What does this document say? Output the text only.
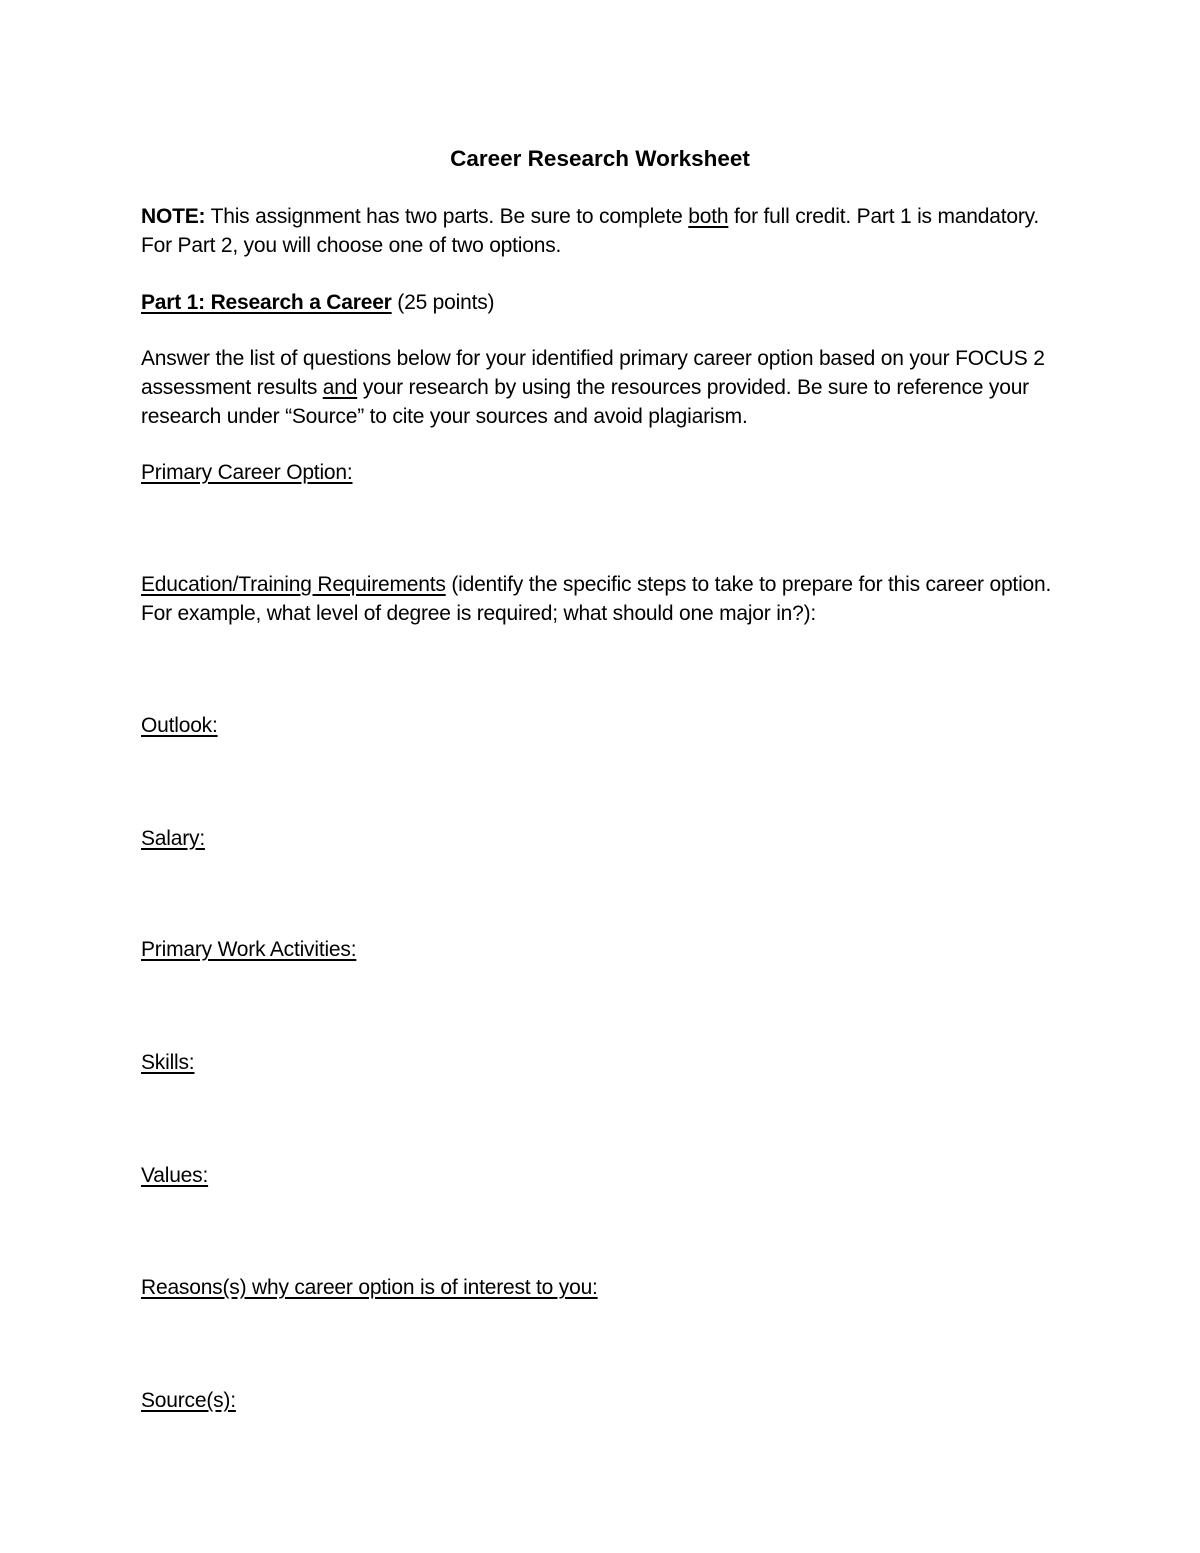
Career Research Worksheet
NOTE: This assignment has two parts. Be sure to complete both for full credit. Part 1 is mandatory. For Part 2, you will choose one of two options.
Part 1: Research a Career (25 points)
Answer the list of questions below for your identified primary career option based on your FOCUS 2 assessment results and your research by using the resources provided. Be sure to reference your research under “Source” to cite your sources and avoid plagiarism.
Primary Career Option:
Education/Training Requirements (identify the specific steps to take to prepare for this career option. For example, what level of degree is required; what should one major in?):
Outlook:
Salary:
Primary Work Activities:
Skills:
Values:
Reasons(s) why career option is of interest to you:
Source(s):
